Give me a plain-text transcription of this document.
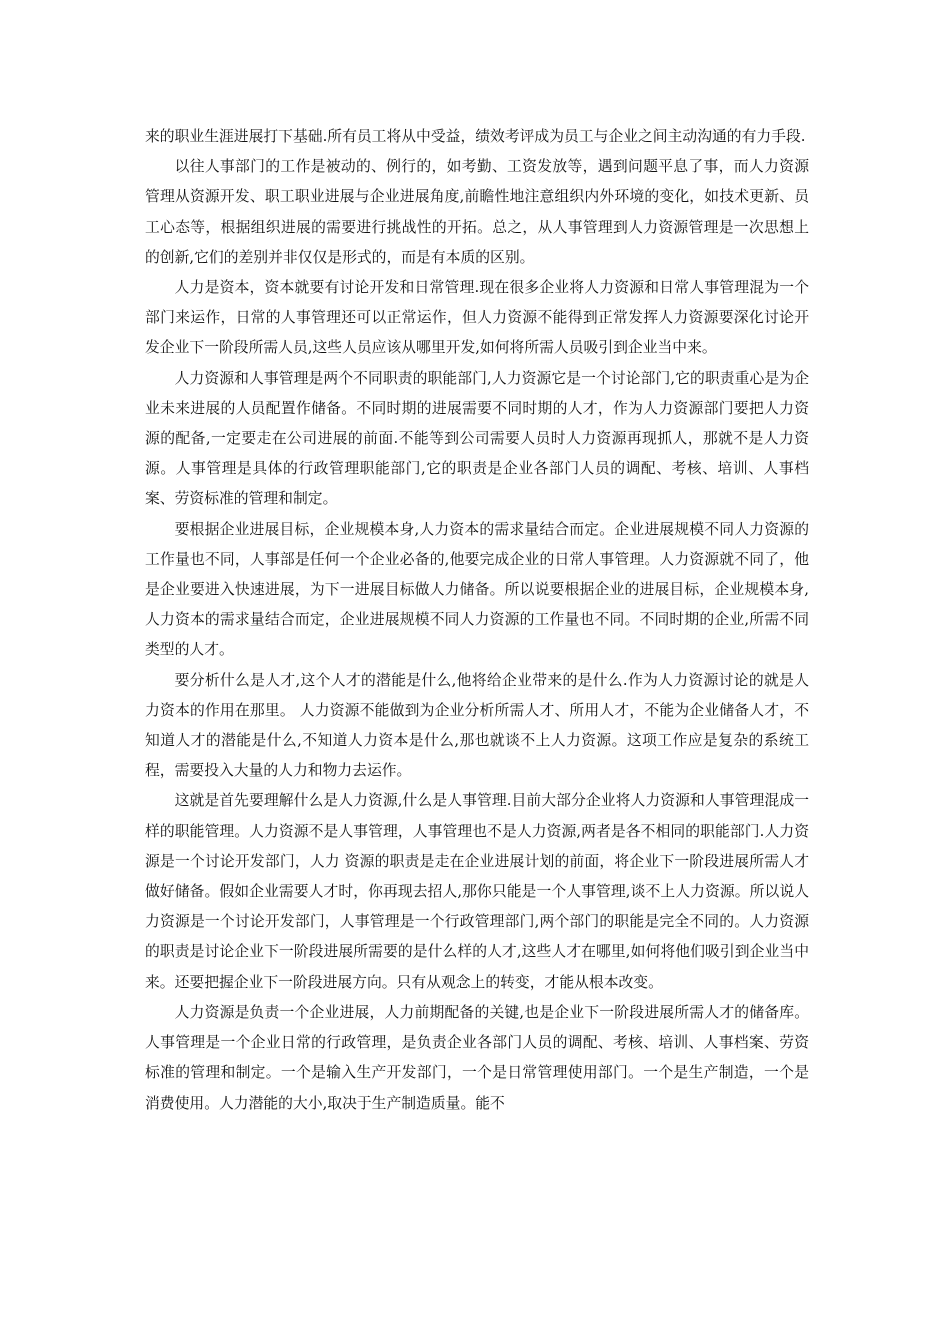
来的职业生涯进展打下基础.所有员工将从中受益，绩效考评成为员工与企业之间主动沟通的有力手段.

以往人事部门的工作是被动的、例行的，如考勤、工资发放等，遇到问题平息了事，而人力资源管理从资源开发、职工职业进展与企业进展角度,前瞻性地注意组织内外环境的变化，如技术更新、员工心态等，根据组织进展的需要进行挑战性的开拓。总之，从人事管理到人力资源管理是一次思想上的创新,它们的差别并非仅仅是形式的，而是有本质的区别。

人力是资本，资本就要有讨论开发和日常管理.现在很多企业将人力资源和日常人事管理混为一个部门来运作，日常的人事管理还可以正常运作，但人力资源不能得到正常发挥人力资源要深化讨论开发企业下一阶段所需人员,这些人员应该从哪里开发,如何将所需人员吸引到企业当中来。

人力资源和人事管理是两个不同职责的职能部门,人力资源它是一个讨论部门,它的职责重心是为企业未来进展的人员配置作储备。不同时期的进展需要不同时期的人才，作为人力资源部门要把人力资源的配备,一定要走在公司进展的前面.不能等到公司需要人员时人力资源再现抓人，那就不是人力资源。人事管理是具体的行政管理职能部门,它的职责是企业各部门人员的调配、考核、培训、人事档案、劳资标准的管理和制定。

要根据企业进展目标，企业规模本身,人力资本的需求量结合而定。企业进展规模不同人力资源的工作量也不同，人事部是任何一个企业必备的,他要完成企业的日常人事管理。人力资源就不同了，他是企业要进入快速进展，为下一进展目标做人力储备。所以说要根据企业的进展目标，企业规模本身,人力资本的需求量结合而定，企业进展规模不同人力资源的工作量也不同。不同时期的企业,所需不同类型的人才。

要分析什么是人才,这个人才的潜能是什么,他将给企业带来的是什么.作为人力资源讨论的就是人力资本的作用在那里。 人力资源不能做到为企业分析所需人才、所用人才，不能为企业储备人才，不知道人才的潜能是什么,不知道人力资本是什么,那也就谈不上人力资源。这项工作应是复杂的系统工程，需要投入大量的人力和物力去运作。

这就是首先要理解什么是人力资源,什么是人事管理.目前大部分企业将人力资源和人事管理混成一样的职能管理。人力资源不是人事管理，人事管理也不是人力资源,两者是各不相同的职能部门.人力资源是一个讨论开发部门，人力 资源的职责是走在企业进展计划的前面，将企业下一阶段进展所需人才做好储备。假如企业需要人才时，你再现去招人,那你只能是一个人事管理,谈不上人力资源。所以说人力资源是一个讨论开发部门，人事管理是一个行政管理部门,两个部门的职能是完全不同的。人力资源的职责是讨论企业下一阶段进展所需要的是什么样的人才,这些人才在哪里,如何将他们吸引到企业当中来。还要把握企业下一阶段进展方向。只有从观念上的转变，才能从根本改变。

人力资源是负责一个企业进展，人力前期配备的关键,也是企业下一阶段进展所需人才的储备库。人事管理是一个企业日常的行政管理，是负责企业各部门人员的调配、考核、培训、人事档案、劳资标准的管理和制定。一个是输入生产开发部门，一个是日常管理使用部门。一个是生产制造，一个是消费使用。人力潜能的大小,取决于生产制造质量。能不
